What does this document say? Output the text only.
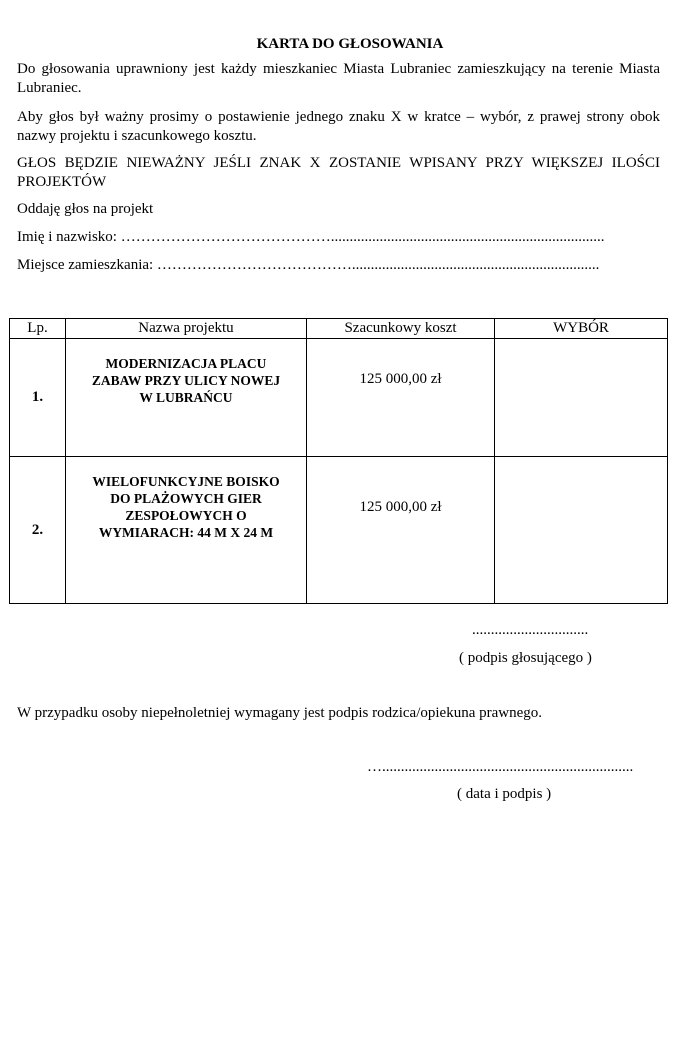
KARTA DO GŁOSOWANIA
Do głosowania uprawniony jest każdy mieszkaniec Miasta Lubraniec zamieszkujący na terenie Miasta Lubraniec.
Aby głos był ważny prosimy o postawienie jednego znaku X w kratce – wybór, z prawej strony obok nazwy projektu i szacunkowego kosztu.
GŁOS BĘDZIE NIEWAŻNY JEŚLI ZNAK X ZOSTANIE WPISANY PRZY WIĘKSZEJ ILOŚCI PROJEKTÓW
Oddaję głos na projekt
Imię i nazwisko: …………………………………….........................................................................
Miejsce zamieszkania: …………………………………..................................................................
Lp.	Nazwa projektu	Szacunkowy koszt	WYBÓR
1.	MODERNIZACJA PLACU
ZABAW PRZY ULICY NOWEJ
W LUBRAŃCU	125 000,00 zł	
2.	WIELOFUNKCYJNE BOISKO
DO PLAŻOWYCH GIER
ZESPOŁOWYCH O
WYMIARACH: 44 M X 24 M	125 000,00 zł	
...............................
( podpis głosującego )
W przypadku osoby niepełnoletniej wymagany jest podpis rodzica/opiekuna prawnego.
…...................................................................
( data i podpis )
